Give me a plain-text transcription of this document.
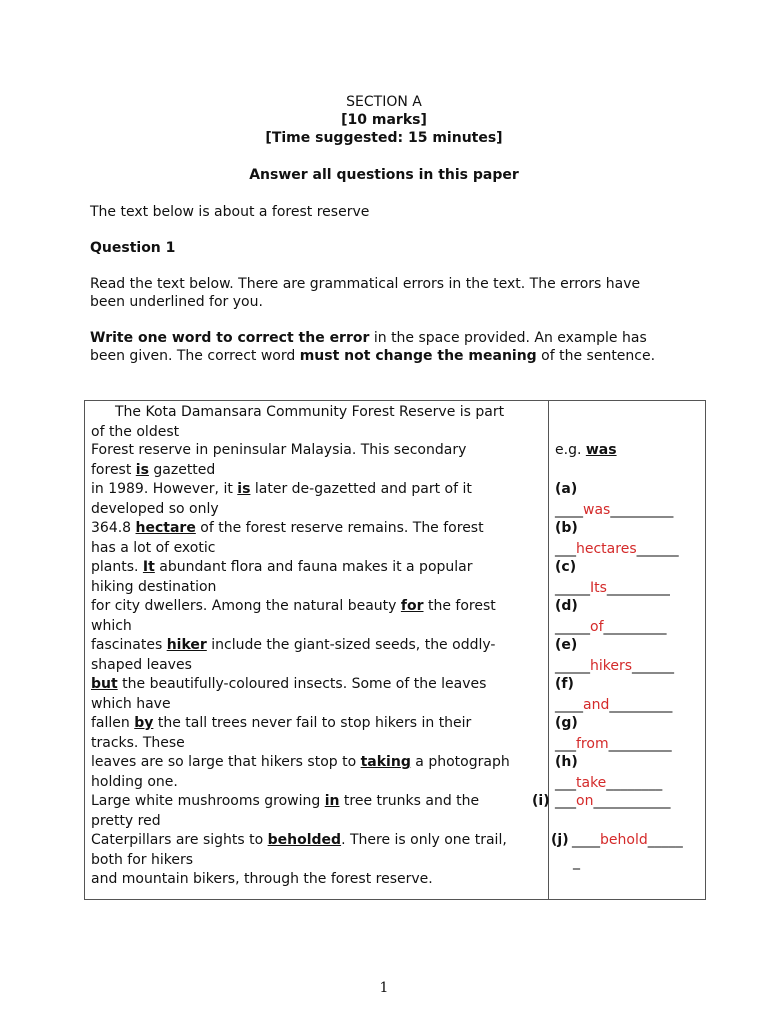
SECTION A
[10 marks]
[Time suggested: 15 minutes]
Answer all questions in this paper
The text below is about a forest reserve
Question 1
Read the text below. There are grammatical errors in the text. The errors have been underlined for you.
Write one word to correct the error in the space provided. An example has been given. The correct word must not change the meaning of the sentence.
The Kota Damansara Community Forest Reserve is part
of the oldest
Forest reserve in peninsular Malaysia. This secondary
forest is gazetted
in 1989. However, it is later de-gazetted and part of it
developed so only
364.8 hectare of the forest reserve remains. The forest
has a lot of exotic
plants. It abundant flora and fauna makes it a popular
hiking destination
for city dwellers. Among the natural beauty for the forest
which
fascinates hiker include the giant-sized seeds, the oddly-
shaped leaves
but the beautifully-coloured insects. Some of the leaves
which have
fallen by the tall trees never fail to stop hikers in their
tracks. These
leaves are so large that hikers stop to taking a photograph
holding one.
Large white mushrooms growing in tree trunks and the	(i)
pretty red
Caterpillars are sights to beholded. There is only one trail,	(j)
both for hikers
and mountain bikers, through the forest reserve.
e.g. was
(a)
____was_________
(b)
___hectares______
(c)
_____Its_________
(d)
_____of_________
(e)
_____hikers______
(f)
____and_________
(g)
___from_________
(h)
___take________
___on___________
____behold_____
_
1
